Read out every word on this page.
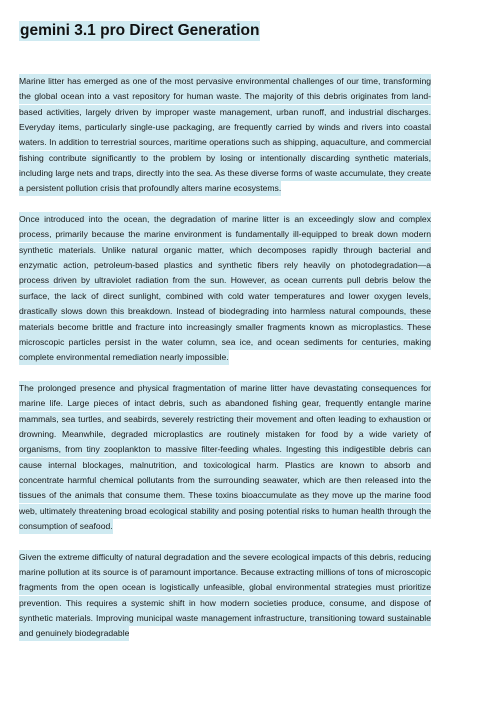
gemini 3.1 pro Direct Generation

Marine litter has emerged as one of the most pervasive environmental challenges of our time, transforming the global ocean into a vast repository for human waste. The majority of this debris originates from land-based activities, largely driven by improper waste management, urban runoff, and industrial discharges. Everyday items, particularly single-use packaging, are frequently carried by winds and rivers into coastal waters. In addition to terrestrial sources, maritime operations such as shipping, aquaculture, and commercial fishing contribute significantly to the problem by losing or intentionally discarding synthetic materials, including large nets and traps, directly into the sea. As these diverse forms of waste accumulate, they create a persistent pollution crisis that profoundly alters marine ecosystems.

Once introduced into the ocean, the degradation of marine litter is an exceedingly slow and complex process, primarily because the marine environment is fundamentally ill-equipped to break down modern synthetic materials. Unlike natural organic matter, which decomposes rapidly through bacterial and enzymatic action, petroleum-based plastics and synthetic fibers rely heavily on photodegradation—a process driven by ultraviolet radiation from the sun. However, as ocean currents pull debris below the surface, the lack of direct sunlight, combined with cold water temperatures and lower oxygen levels, drastically slows down this breakdown. Instead of biodegrading into harmless natural compounds, these materials become brittle and fracture into increasingly smaller fragments known as microplastics. These microscopic particles persist in the water column, sea ice, and ocean sediments for centuries, making complete environmental remediation nearly impossible.

The prolonged presence and physical fragmentation of marine litter have devastating consequences for marine life. Large pieces of intact debris, such as abandoned fishing gear, frequently entangle marine mammals, sea turtles, and seabirds, severely restricting their movement and often leading to exhaustion or drowning. Meanwhile, degraded microplastics are routinely mistaken for food by a wide variety of organisms, from tiny zooplankton to massive filter-feeding whales. Ingesting this indigestible debris can cause internal blockages, malnutrition, and toxicological harm. Plastics are known to absorb and concentrate harmful chemical pollutants from the surrounding seawater, which are then released into the tissues of the animals that consume them. These toxins bioaccumulate as they move up the marine food web, ultimately threatening broad ecological stability and posing potential risks to human health through the consumption of seafood.

Given the extreme difficulty of natural degradation and the severe ecological impacts of this debris, reducing marine pollution at its source is of paramount importance. Because extracting millions of tons of microscopic fragments from the open ocean is logistically unfeasible, global environmental strategies must prioritize prevention. This requires a systemic shift in how modern societies produce, consume, and dispose of synthetic materials. Improving municipal waste management infrastructure, transitioning toward sustainable and genuinely biodegradable
